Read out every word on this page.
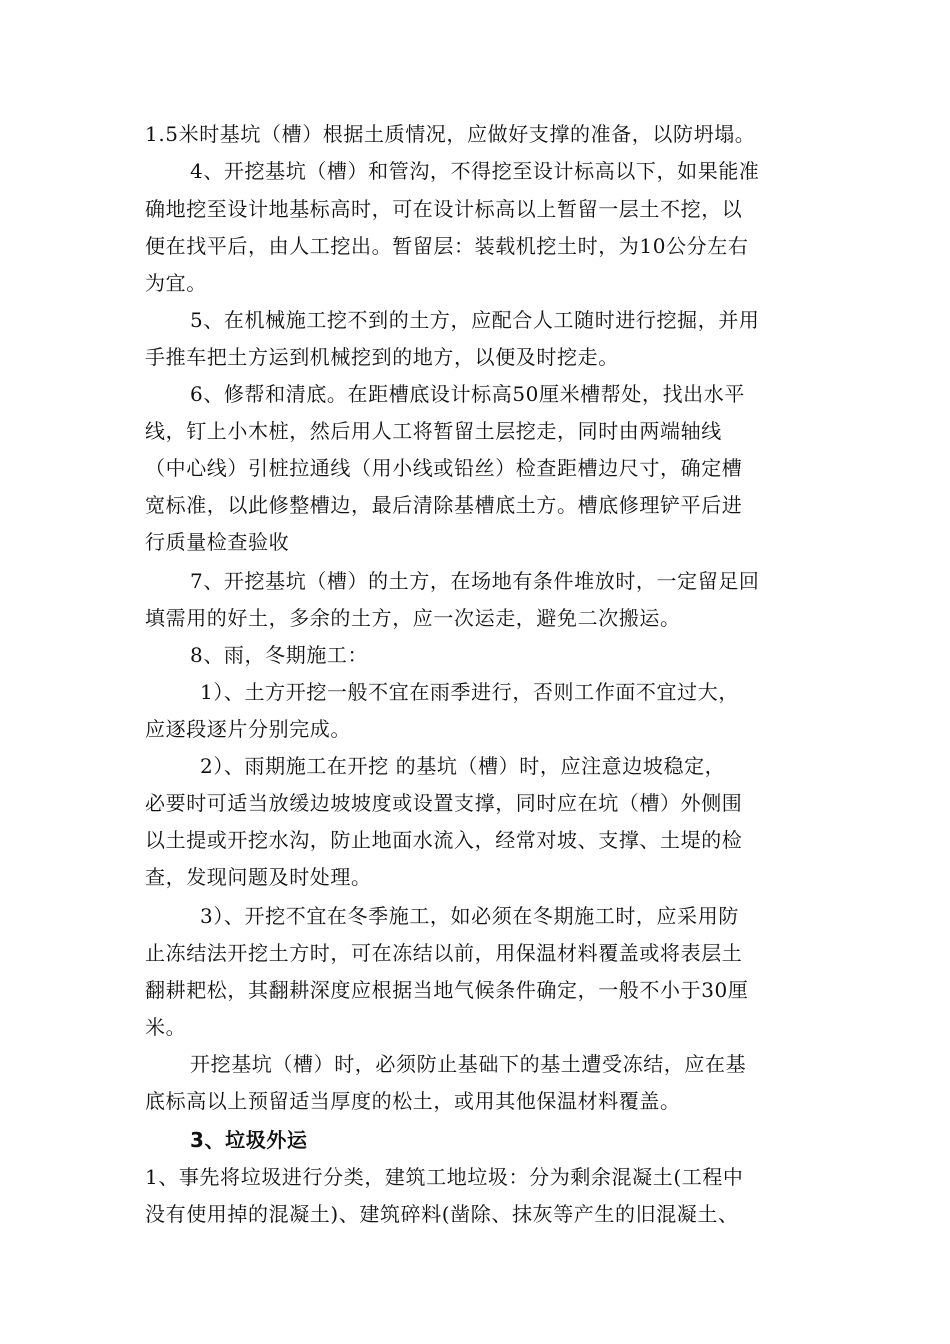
1.5米时基坑（槽）根据土质情况，应做好支撑的准备，以防坍塌。
4、开挖基坑（槽）和管沟，不得挖至设计标高以下，如果能准
确地挖至设计地基标高时，可在设计标高以上暂留一层土不挖，以
便在找平后，由人工挖出。暂留层：装载机挖土时，为10公分左右
为宜。
5、在机械施工挖不到的土方，应配合人工随时进行挖掘，并用
手推车把土方运到机械挖到的地方，以便及时挖走。
6、修帮和清底。在距槽底设计标高50厘米槽帮处，找出水平
线，钉上小木桩，然后用人工将暂留土层挖走，同时由两端轴线
（中心线）引桩拉通线（用小线或铅丝）检查距槽边尺寸，确定槽
宽标准，以此修整槽边，最后清除基槽底土方。槽底修理铲平后进
行质量检查验收
7、开挖基坑（槽）的土方，在场地有条件堆放时，一定留足回
填需用的好土，多余的土方，应一次运走，避免二次搬运。
8、雨，冬期施工：
1）、土方开挖一般不宜在雨季进行，否则工作面不宜过大，
应逐段逐片分别完成。
2）、雨期施工在开挖 的基坑（槽）时，应注意边坡稳定，
必要时可适当放缓边坡坡度或设置支撑，同时应在坑（槽）外侧围
以土提或开挖水沟，防止地面水流入，经常对坡、支撑、土堤的检
查，发现问题及时处理。
3）、开挖不宜在冬季施工，如必须在冬期施工时，应采用防
止冻结法开挖土方时，可在冻结以前，用保温材料覆盖或将表层土
翻耕耙松，其翻耕深度应根据当地气候条件确定，一般不小于30厘
米。
开挖基坑（槽）时，必须防止基础下的基土遭受冻结，应在基
底标高以上预留适当厚度的松土，或用其他保温材料覆盖。
3、垃圾外运
1、事先将垃圾进行分类，建筑工地垃圾：分为剩余混凝土(工程中
没有使用掉的混凝土)、建筑碎料(凿除、抹灰等产生的旧混凝土、
